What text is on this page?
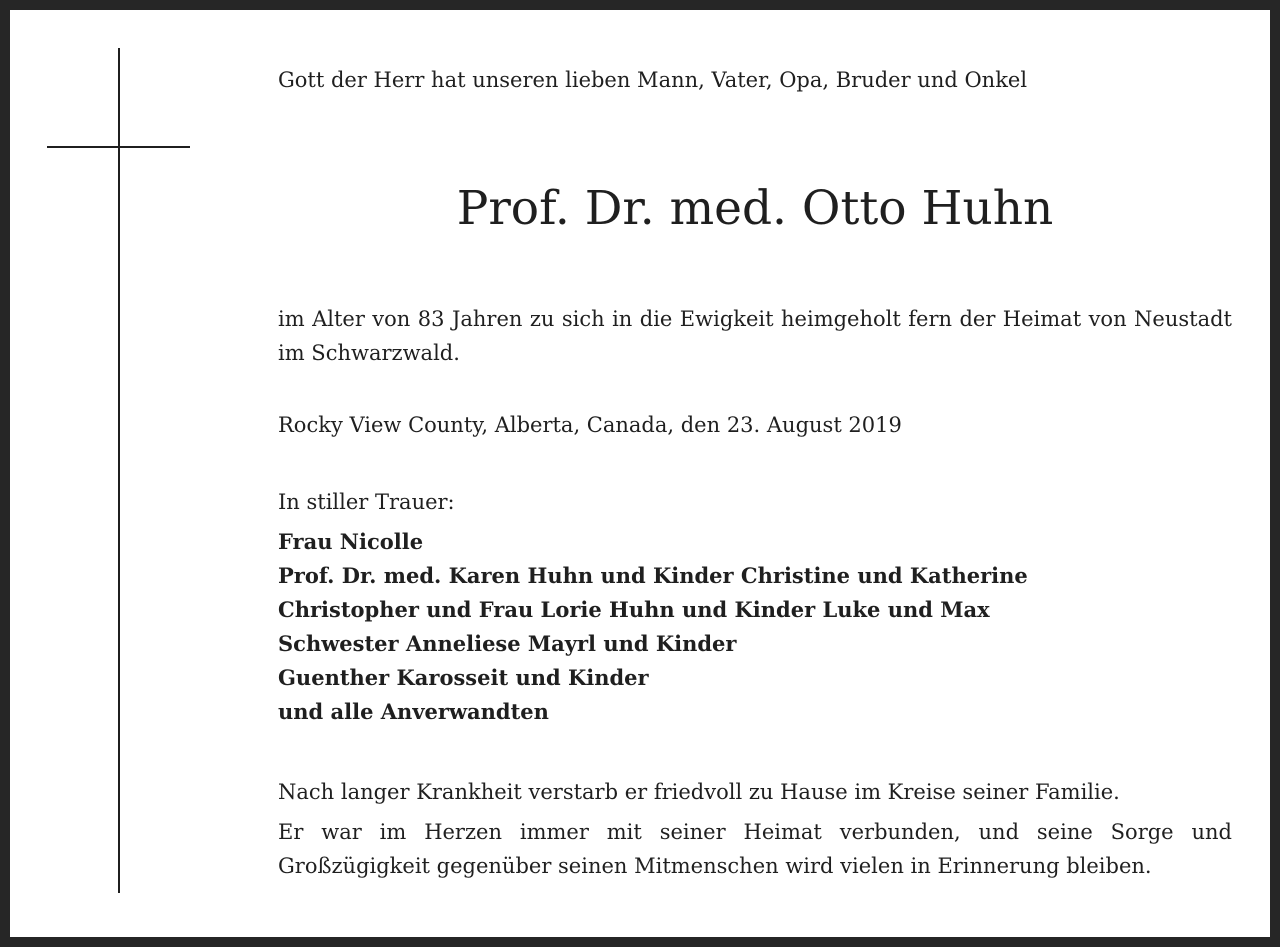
Gott der Herr hat unseren lieben Mann, Vater, Opa, Bruder und Onkel
Prof. Dr. med. Otto Huhn
im Alter von 83 Jahren zu sich in die Ewigkeit heimgeholt fern der Heimat von Neustadt im Schwarzwald.
Rocky View County, Alberta, Canada, den 23. August 2019
In stiller Trauer:
Frau Nicolle
Prof. Dr. med. Karen Huhn und Kinder Christine und Katherine
Christopher und Frau Lorie Huhn und Kinder Luke und Max
Schwester Anneliese Mayrl und Kinder
Guenther Karosseit und Kinder
und alle Anverwandten
Nach langer Krankheit verstarb er friedvoll zu Hause im Kreise seiner Familie.
Er war im Herzen immer mit seiner Heimat verbunden, und seine Sorge und Großzügigkeit gegenüber seinen Mitmenschen wird vielen in Erinnerung bleiben.
